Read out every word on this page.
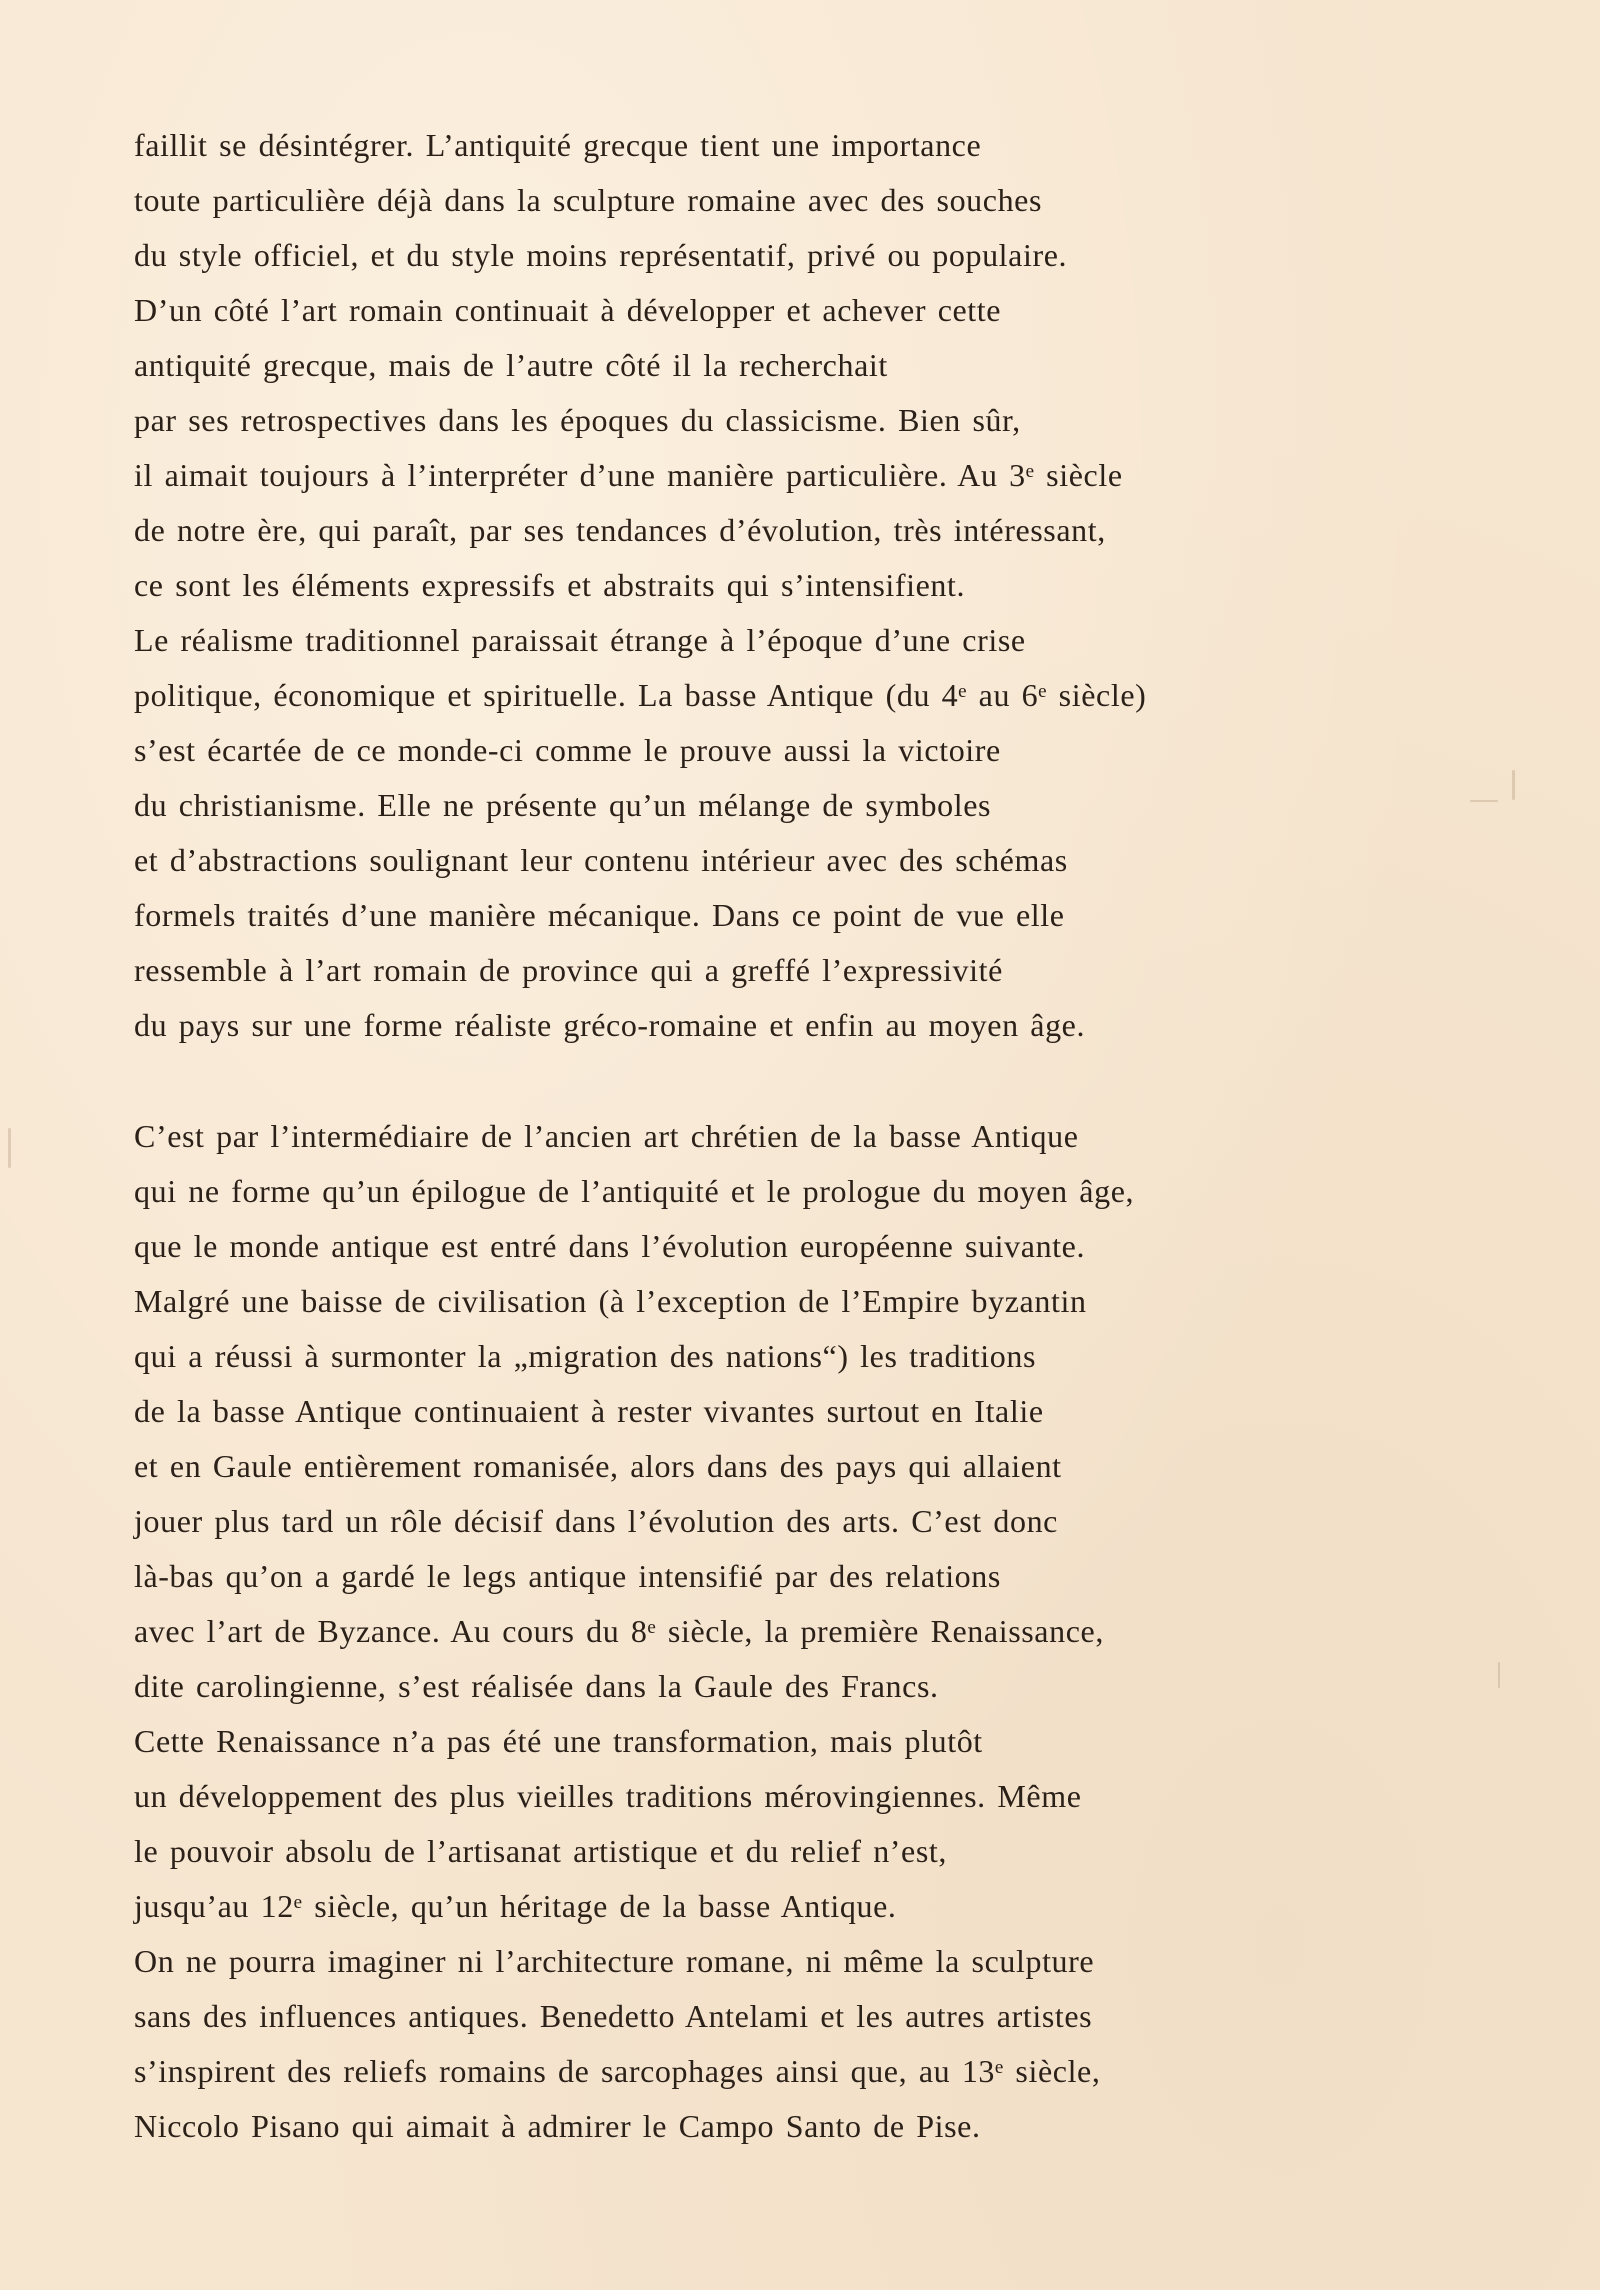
faillit se désintégrer. L’antiquité grecque tient une importance
toute particulière déjà dans la sculpture romaine avec des souches
du style officiel, et du style moins représentatif, privé ou populaire.
D’un côté l’art romain continuait à développer et achever cette
antiquité grecque, mais de l’autre côté il la recherchait
par ses retrospectives dans les époques du classicisme. Bien sûr,
il aimait toujours à l’interpréter d’une manière particulière. Au 3ᵉ siècle
de notre ère, qui paraît, par ses tendances d’évolution, très intéressant,
ce sont les éléments expressifs et abstraits qui s’intensifient.
Le réalisme traditionnel paraissait étrange à l’époque d’une crise
politique, économique et spirituelle. La basse Antique (du 4ᵉ au 6ᵉ siècle)
s’est écartée de ce monde-ci comme le prouve aussi la victoire
du christianisme. Elle ne présente qu’un mélange de symboles
et d’abstractions soulignant leur contenu intérieur avec des schémas
formels traités d’une manière mécanique. Dans ce point de vue elle
ressemble à l’art romain de province qui a greffé l’expressivité
du pays sur une forme réaliste gréco-romaine et enfin au moyen âge.
C’est par l’intermédiaire de l’ancien art chrétien de la basse Antique
qui ne forme qu’un épilogue de l’antiquité et le prologue du moyen âge,
que le monde antique est entré dans l’évolution européenne suivante.
Malgré une baisse de civilisation (à l’exception de l’Empire byzantin
qui a réussi à surmonter la „migration des nations“) les traditions
de la basse Antique continuaient à rester vivantes surtout en Italie
et en Gaule entièrement romanisée, alors dans des pays qui allaient
jouer plus tard un rôle décisif dans l’évolution des arts. C’est donc
là-bas qu’on a gardé le legs antique intensifié par des relations
avec l’art de Byzance. Au cours du 8ᵉ siècle, la première Renaissance,
dite carolingienne, s’est réalisée dans la Gaule des Francs.
Cette Renaissance n’a pas été une transformation, mais plutôt
un développement des plus vieilles traditions mérovingiennes. Même
le pouvoir absolu de l’artisanat artistique et du relief n’est,
jusqu’au 12ᵉ siècle, qu’un héritage de la basse Antique.
On ne pourra imaginer ni l’architecture romane, ni même la sculpture
sans des influences antiques. Benedetto Antelami et les autres artistes
s’inspirent des reliefs romains de sarcophages ainsi que, au 13ᵉ siècle,
Niccolo Pisano qui aimait à admirer le Campo Santo de Pise.
